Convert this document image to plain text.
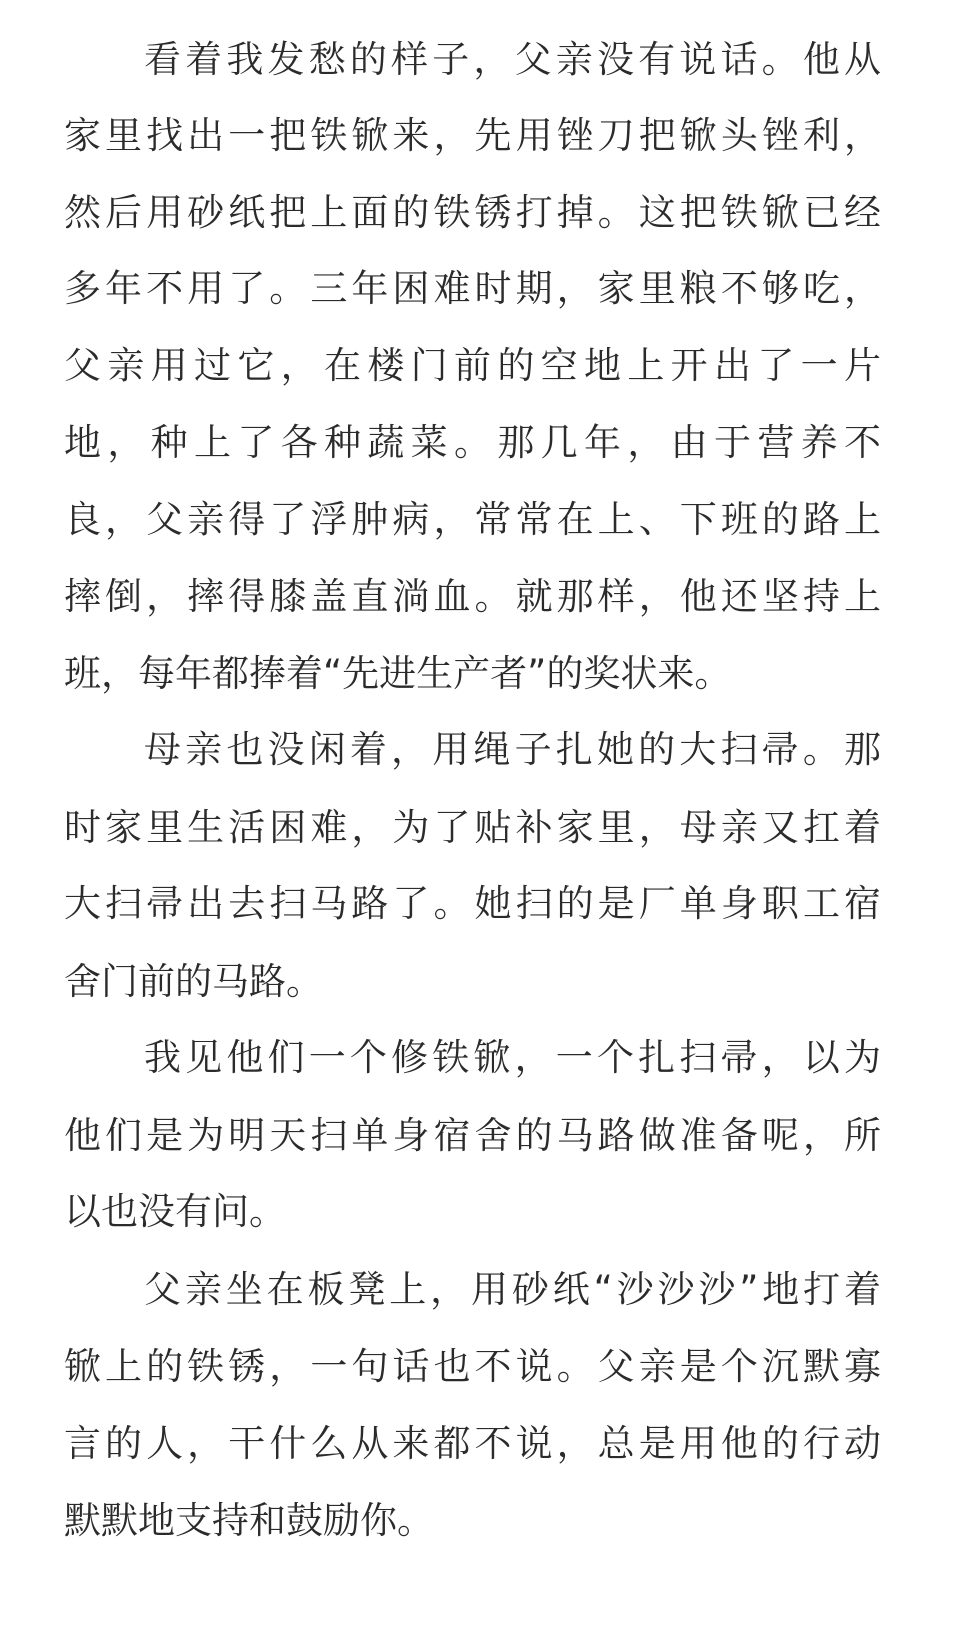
看着我发愁的样子，父亲没有说话。他从
家里找出一把铁锨来，先用锉刀把锨头锉利，
然后用砂纸把上面的铁锈打掉。这把铁锨已经
多年不用了。三年困难时期，家里粮不够吃，
父亲用过它，在楼门前的空地上开出了一片
地，种上了各种蔬菜。那几年，由于营养不
良，父亲得了浮肿病，常常在上、下班的路上
摔倒，摔得膝盖直淌血。就那样，他还坚持上
班，每年都捧着“先进生产者”的奖状来。
母亲也没闲着，用绳子扎她的大扫帚。那
时家里生活困难，为了贴补家里，母亲又扛着
大扫帚出去扫马路了。她扫的是厂单身职工宿
舍门前的马路。
我见他们一个修铁锨，一个扎扫帚，以为
他们是为明天扫单身宿舍的马路做准备呢，所
以也没有问。
父亲坐在板凳上，用砂纸“沙沙沙”地打着
锨上的铁锈，一句话也不说。父亲是个沉默寡
言的人，干什么从来都不说，总是用他的行动
默默地支持和鼓励你。
